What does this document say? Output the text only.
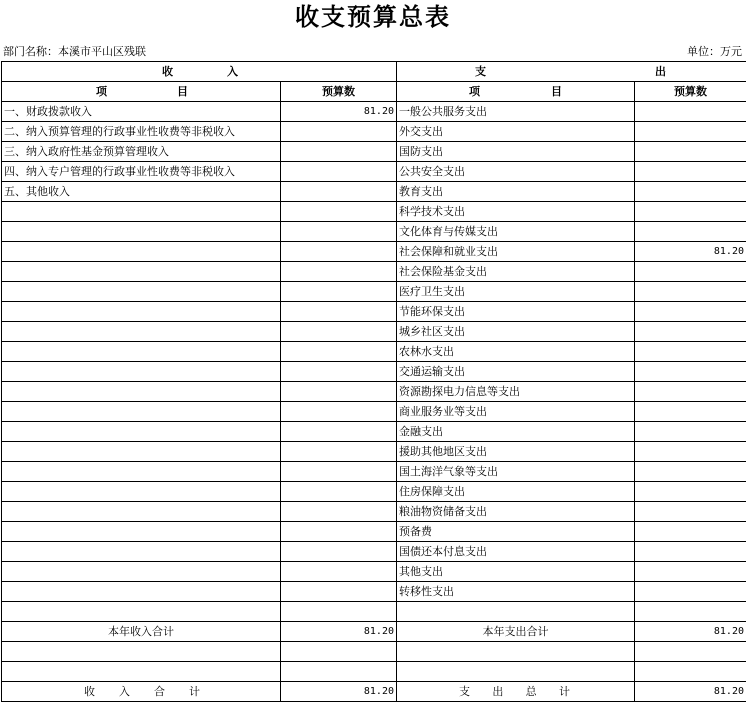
收支预算总表
部门名称：本溪市平山区残联	单位：万元
收 入		支 出	

项 目	预算数	项 目	预算数
一、财政拨款收入	81.20	一般公共服务支出	
二、纳入预算管理的行政事业性收费等非税收入		外交支出	
三、纳入政府性基金预算管理收入		国防支出	
四、纳入专户管理的行政事业性收费等非税收入		公共安全支出	
五、其他收入		教育支出	
		科学技术支出	
		文化体育与传媒支出	
		社会保障和就业支出	81.20
		社会保险基金支出	
		医疗卫生支出	
		节能环保支出	
		城乡社区支出	
		农林水支出	
		交通运输支出	
		资源勘探电力信息等支出	
		商业服务业等支出	
		金融支出	
		援助其他地区支出	
		国土海洋气象等支出	
		住房保障支出	
		粮油物资储备支出	
		预备费	
		国债还本付息支出	
		其他支出	
		转移性支出	

本年收入合计	81.20	本年支出合计	81.20

收 入 合 计	81.20	支 出 总 计	81.20
